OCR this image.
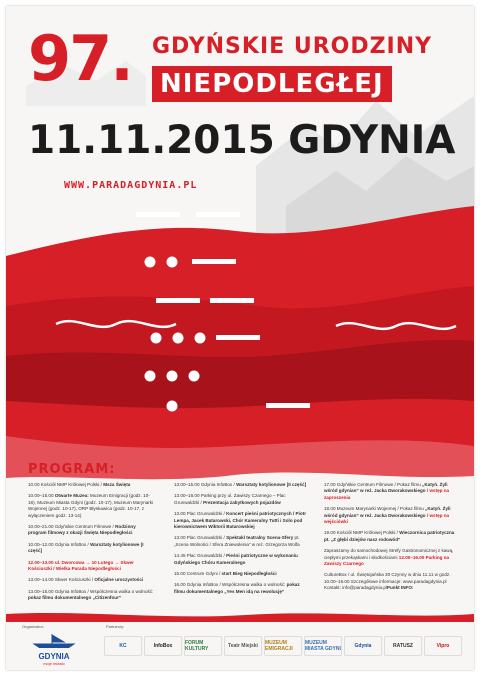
97. GDYŃSKIE URODZINY
NIEPODLEGŁEJ
11.11.2015 GDYNIA
WWW.PARADAGDYNIA.PL
PROGRAM:

10.00 Kościół NMP Królowej Polski / Msza Święta

10.00–15.00 Otwarte Muzea: Muzeum Emigracji (godz. 10-18), Muzeum Miasta Gdyni (godz. 10-17), Muzeum Marynarki Wojennej (godz. 10-17), ORP Błyskawica (godz. 10-17, z wyłączeniem godz. 13-14)

10.00–21.00 Gdyńskie Centrum Filmowe / Rodzinny program filmowy z okazji Święta Niepodległości

10.00–12.00 Gdynia InfoBox / Warsztaty kotylionowe [I część]

12.00–13.00 ul. Dworcowa → 10 Lutego → Skwer Kościuszki / Wielka Parada Niepodległości

13.00–14.00 Skwer Kościuszki / Oficjalne uroczystości

13.00–15.00 Gdynia InfoBox / Współczesna walka o wolność: pokaz filmu dokumentalnego „Citizenfour”

13.00–15.00 Gdynia InfoBox / Warsztaty kotylionowe [II część]

13.00–16.00 Parking przy ul. Zawiszy Czarnego – Plac Grunwaldzki / Prezentacja zabytkowych pojazdów

13.00 Plac Grunwaldzki / Koncert pieśni patriotycznych / Piotr Lempa, Jacek Batarowski, Chór Kameralny Tutti i Solo pod kierownictwem Wiktorii Batarowskiej

13.00 Plac Grunwaldzki / Spektakl teatralny Scena-Sfery pt. „Scena Wolności / Sfera Zniewolenia” w reż. Grzegorza Wolfa

14.45 Plac Grunwaldzki / Pieśni patriotyczne w wykonaniu Gdyńskiego Chóru Kameralnego

15.00 Centrum Gdyni / start Bieg Niepodległości

16.00 Gdynia InfoBox / Współczesna walka o wolność: pokaz filmu dokumentalnego „Yes Men idą na rewolucję”

17.00 Gdyńskie Centrum Filmowe / Pokaz filmu „Katyń. Żyli wśród gdynian” w reż. Jacka Dworakowskiego / wstęp na zaproszenia

18.00 Muzeum Marynarki Wojennej / Pokaz filmu „Katyń. Żyli wśród gdynian” w reż. Jacka Dworakowskiego / wstęp na wejściówki

19.00 Kościół NMP Królowej Polski / Wieczornica patriotyczna pt. „Z głębi dziejów nasz rodowód”

Zapraszamy do samochodowej Strefy Gastronomicznej z kawą, ciepłymi przekąskami i słodkościami 12.00–16.00 Parking na Zawiszy Czarnego

CultureBox / ul. Świętojańska 30 Czynny w dniu 11.11 w godz. 10.00–16.00 Szczegółowe informacje: www.paradagdynia.pl Kontakt: info@paradagdynia.plPunkt INFO:

Organizator:	Partnerzy:
GDYNIA
moje miasto
KC	InfoBox	FORUM KULTURY	Teatr Miejski	MUZEUM EMIGRACJI
MUZEUM MIASTA GDYNI	Gdynia	RATUSZ	Vipro
